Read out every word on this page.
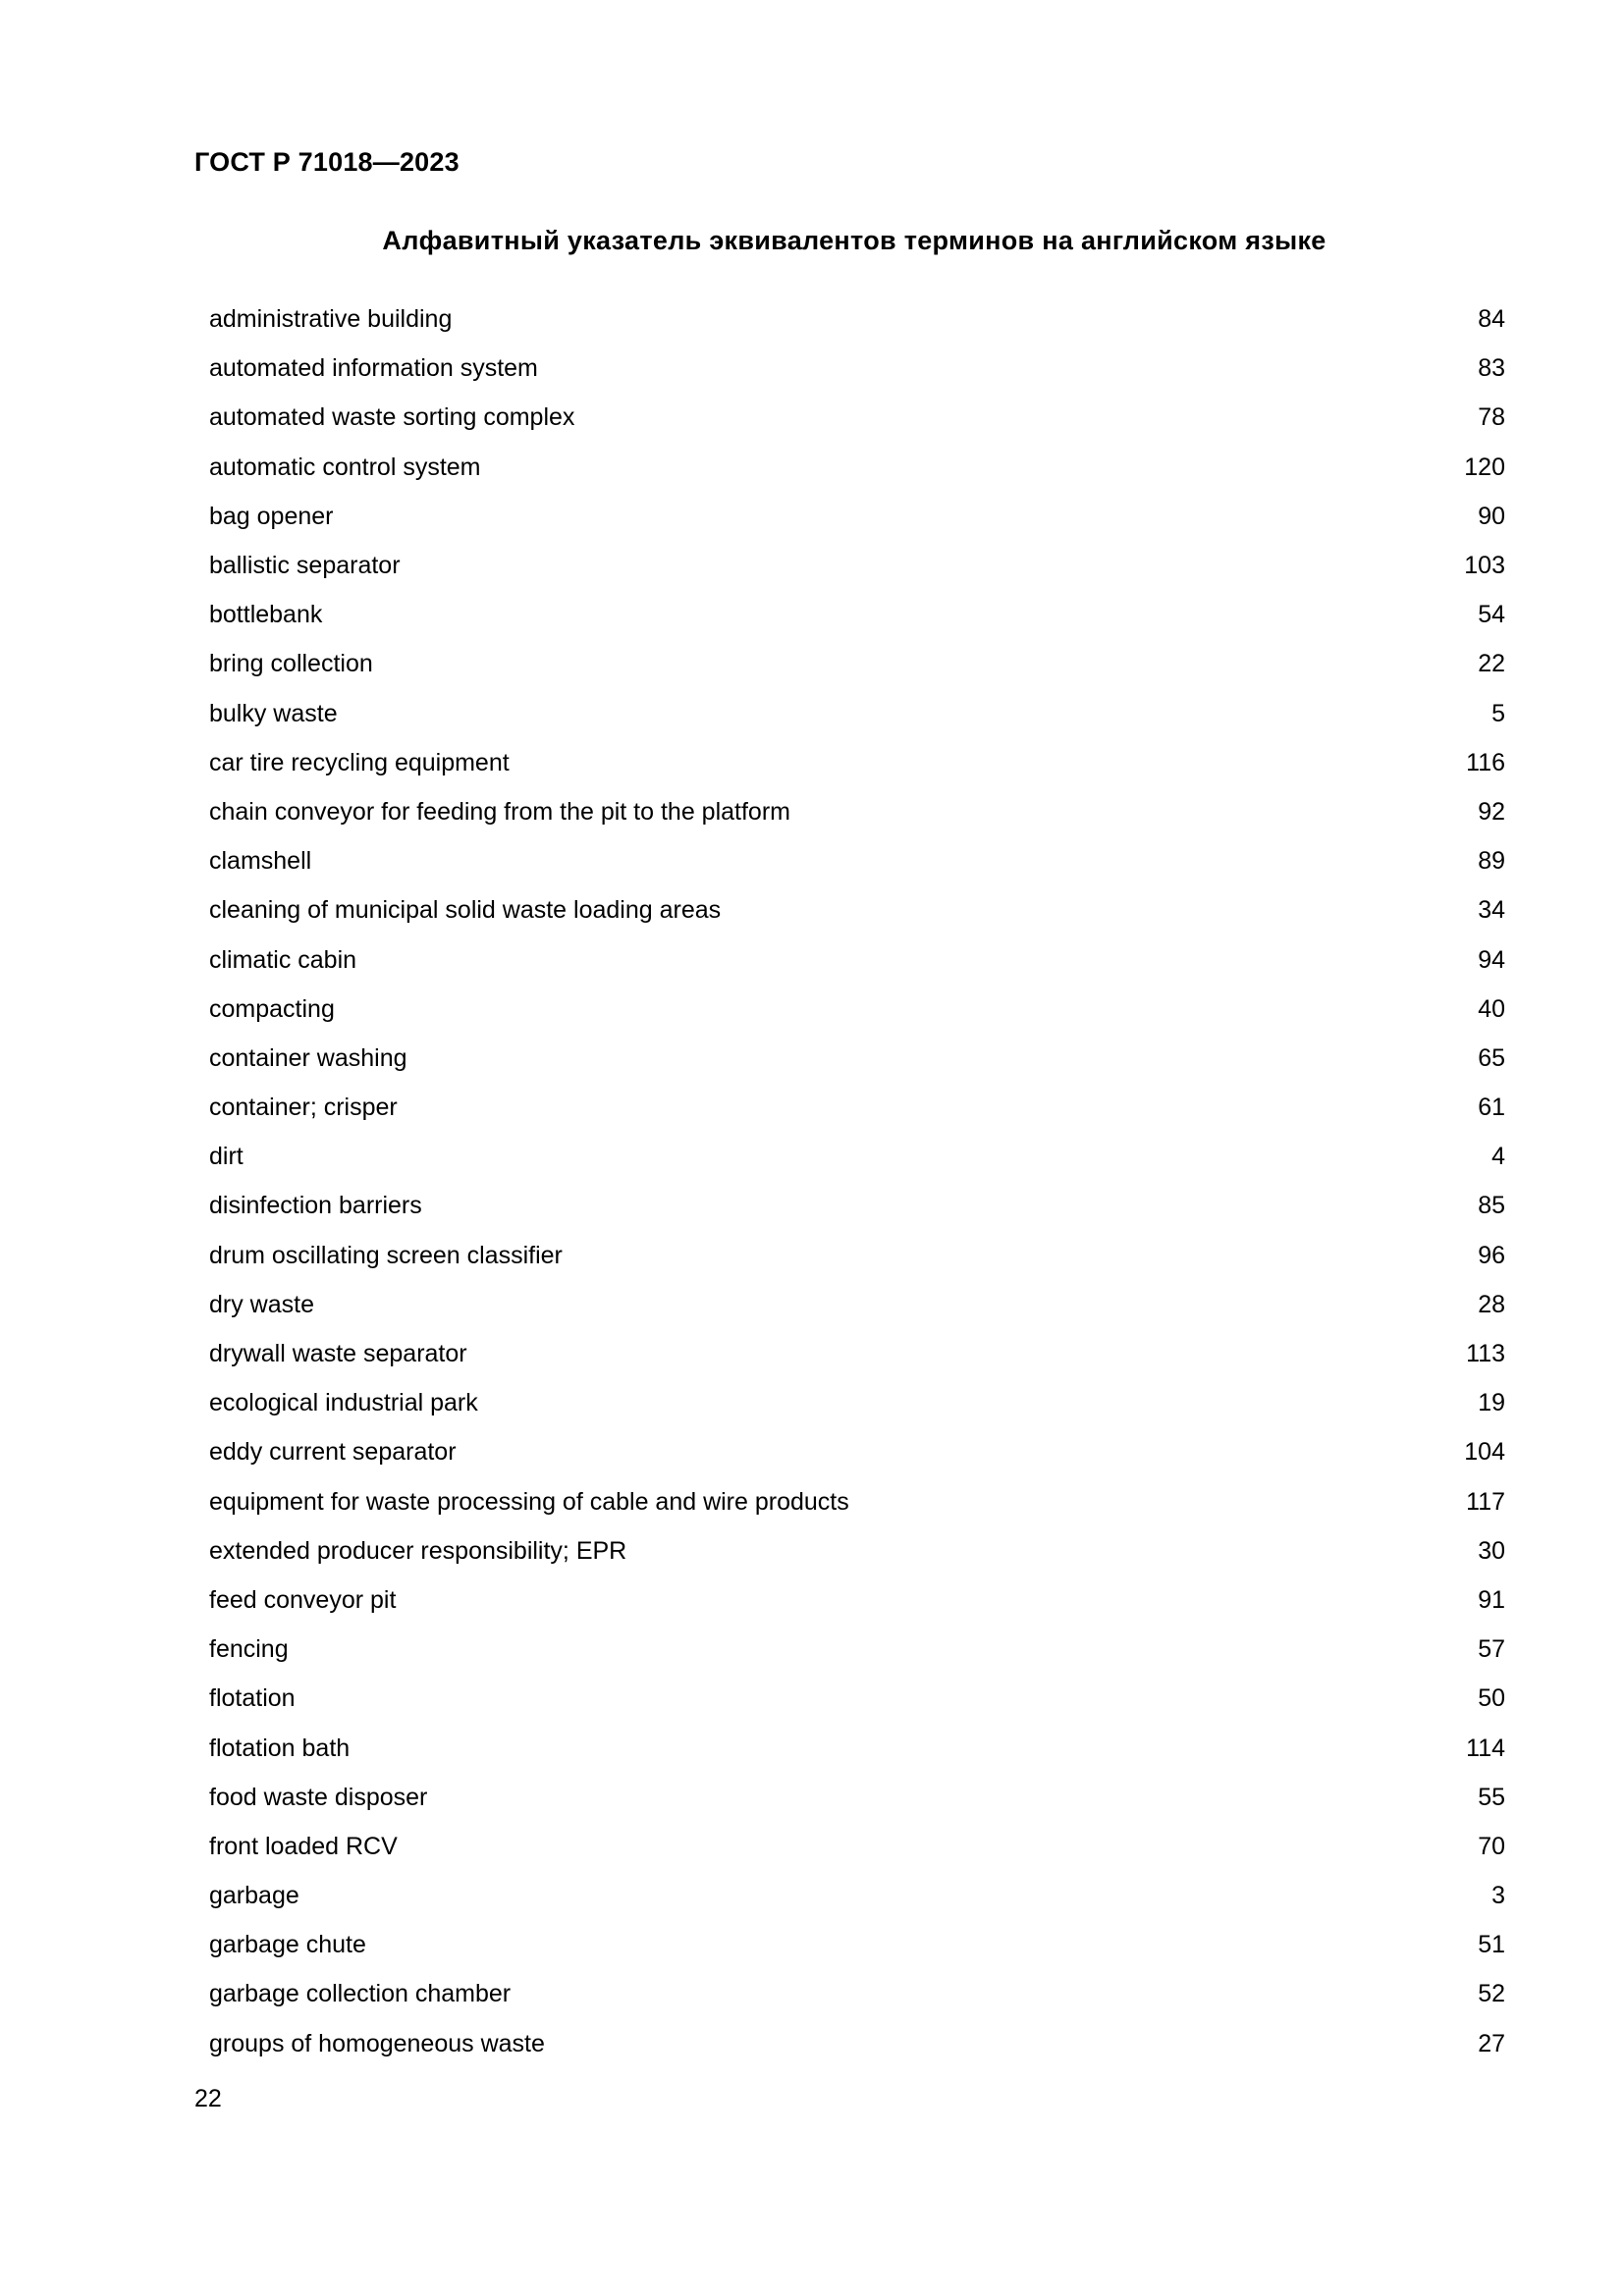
ГОСТ Р 71018—2023
Алфавитный указатель эквивалентов терминов на английском языке
administrative building	84
automated information system	83
automated waste sorting complex	78
automatic control system	120
bag opener	90
ballistic separator	103
bottlebank	54
bring collection	22
bulky waste	5
car tire recycling equipment	116
chain conveyor for feeding from the pit to the platform	92
clamshell	89
cleaning of municipal solid waste loading areas	34
climatic cabin	94
compacting	40
container washing	65
container; crisper	61
dirt	4
disinfection barriers	85
drum oscillating screen classifier	96
dry waste	28
drywall waste separator	113
ecological industrial park	19
eddy current separator	104
equipment for waste processing of cable and wire products	117
extended producer responsibility; EPR	30
feed conveyor pit	91
fencing	57
flotation	50
flotation bath	114
food waste disposer	55
front loaded RCV	70
garbage	3
garbage chute	51
garbage collection chamber	52
groups of homogeneous waste	27
22
